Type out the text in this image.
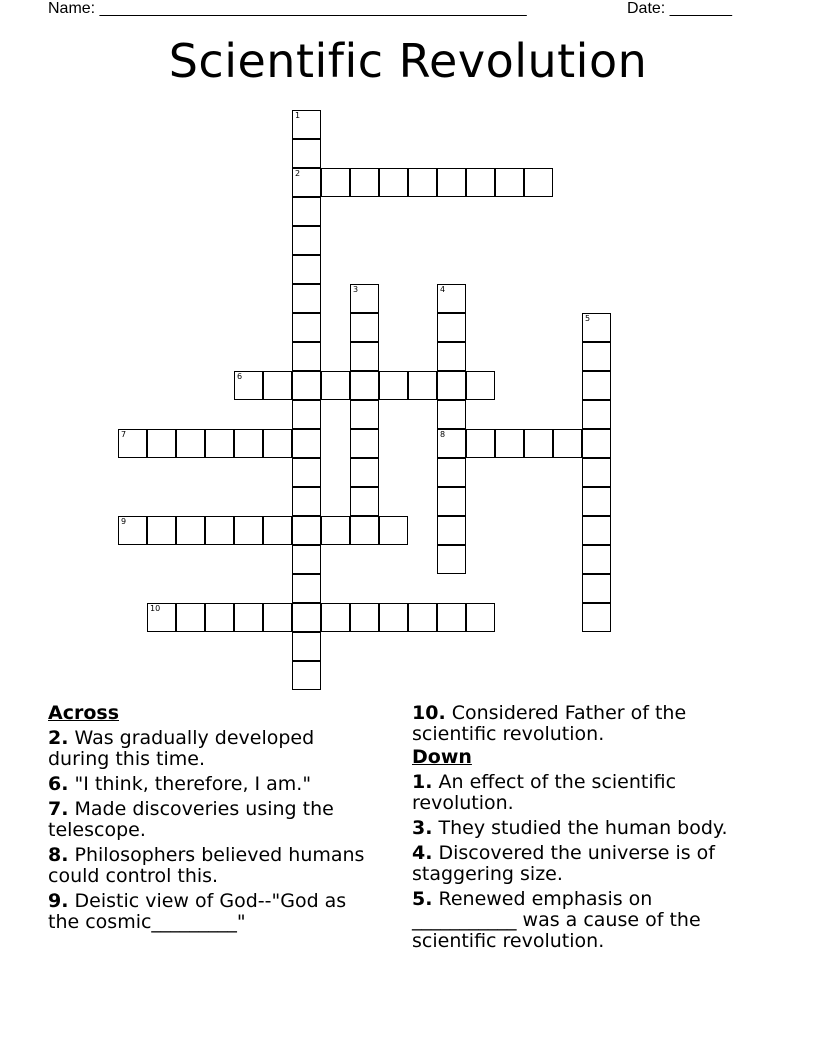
Name: ________________________________________________	Date: _______
Scientific Revolution
1
2
3	4
8
5
6
7
9
10
Across
2. Was gradually developed during this time.
6. "I think, therefore, I am."
7. Made discoveries using the telescope.
8. Philosophers believed humans could control this.
9. Deistic view of God--"God as the cosmic_________"
10. Considered Father of the scientific revolution.
Down
1. An effect of the scientific revolution.
3. They studied the human body.
4. Discovered the universe is of staggering size.
5. Renewed emphasis on ___________ was a cause of the scientific revolution.
